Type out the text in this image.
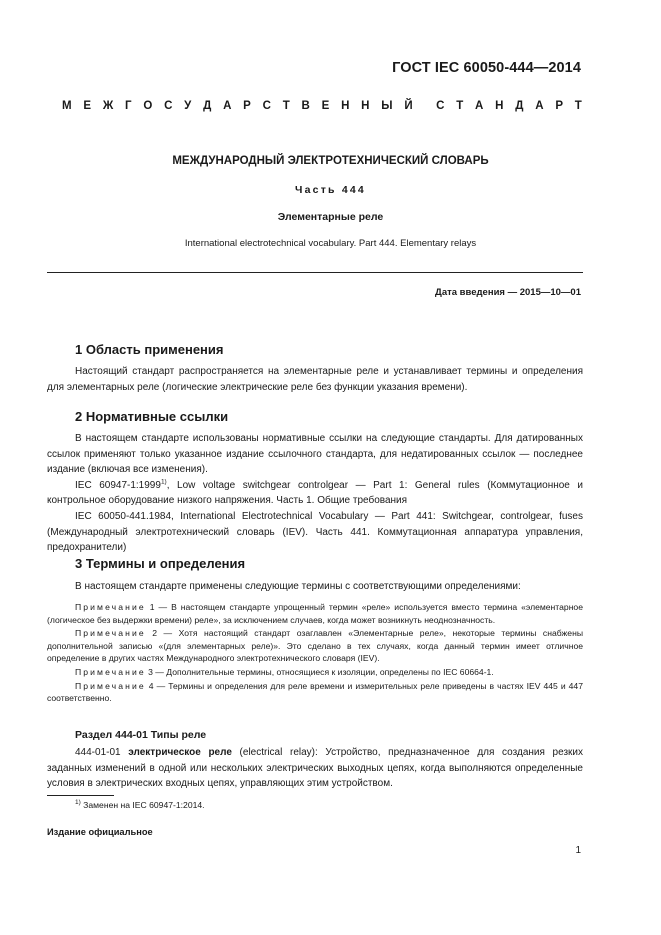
ГОСТ IEC 60050-444—2014
М Е Ж Г О С У Д А Р С Т В Е Н Н Ы Й С Т А Н Д А Р Т
МЕЖДУНАРОДНЫЙ ЭЛЕКТРОТЕХНИЧЕСКИЙ СЛОВАРЬ
Часть 444
Элементарные реле
International electrotechnical vocabulary. Part 444. Elementary relays
Дата введения — 2015—10—01
1 Область применения

Настоящий стандарт распространяется на элементарные реле и устанавливает термины и определения для элементарных реле (логические электрические реле без функции указания времени).

2 Нормативные ссылки

В настоящем стандарте использованы нормативные ссылки на следующие стандарты. Для датированных ссылок применяют только указанное издание ссылочного стандарта, для недатированных ссылок — последнее издание (включая все изменения).

IEC 60947-1:1999$^{1)}$, Low voltage switchgear controlgear — Part 1: General rules (Коммутационное и контрольное оборудование низкого напряжения. Часть 1. Общие требования

IEC 60050-441.1984, International Electrotechnical Vocabulary — Part 441: Switchgear, controlgear, fuses (Международный электротехнический словарь (IEV). Часть 441. Коммутационная аппаратура управления, предохранители)

3 Термины и определения

В настоящем стандарте применены следующие термины с соответствующими определениями:

Примечание 1 — В настоящем стандарте упрощенный термин «реле» используется вместо термина «элементарное (логическое без выдержки времени) реле», за исключением случаев, когда может возникнуть неоднозначность.

Примечание 2 — Хотя настоящий стандарт озаглавлен «Элементарные реле», некоторые термины снабжены дополнительной записью «(для элементарных реле)». Это сделано в тех случаях, когда данный термин имеет отличное определение в других частях Международного электротехнического словаря (IEV).

Примечание 3 — Дополнительные термины, относящиеся к изоляции, определены по IEC 60664-1.

Примечание 4 — Термины и определения для реле времени и измерительных реле приведены в частях IEV 445 и 447 соответственно.

Раздел 444-01 Типы реле

444-01-01 электрическое реле (electrical relay): Устройство, предназначенное для создания резких заданных изменений в одной или нескольких электрических выходных цепях, когда выполняются определенные условия в электрических входных цепях, управляющих этим устройством.

$^{1)}$ Заменен на IEC 60947-1:2014.
Издание официальное
1
